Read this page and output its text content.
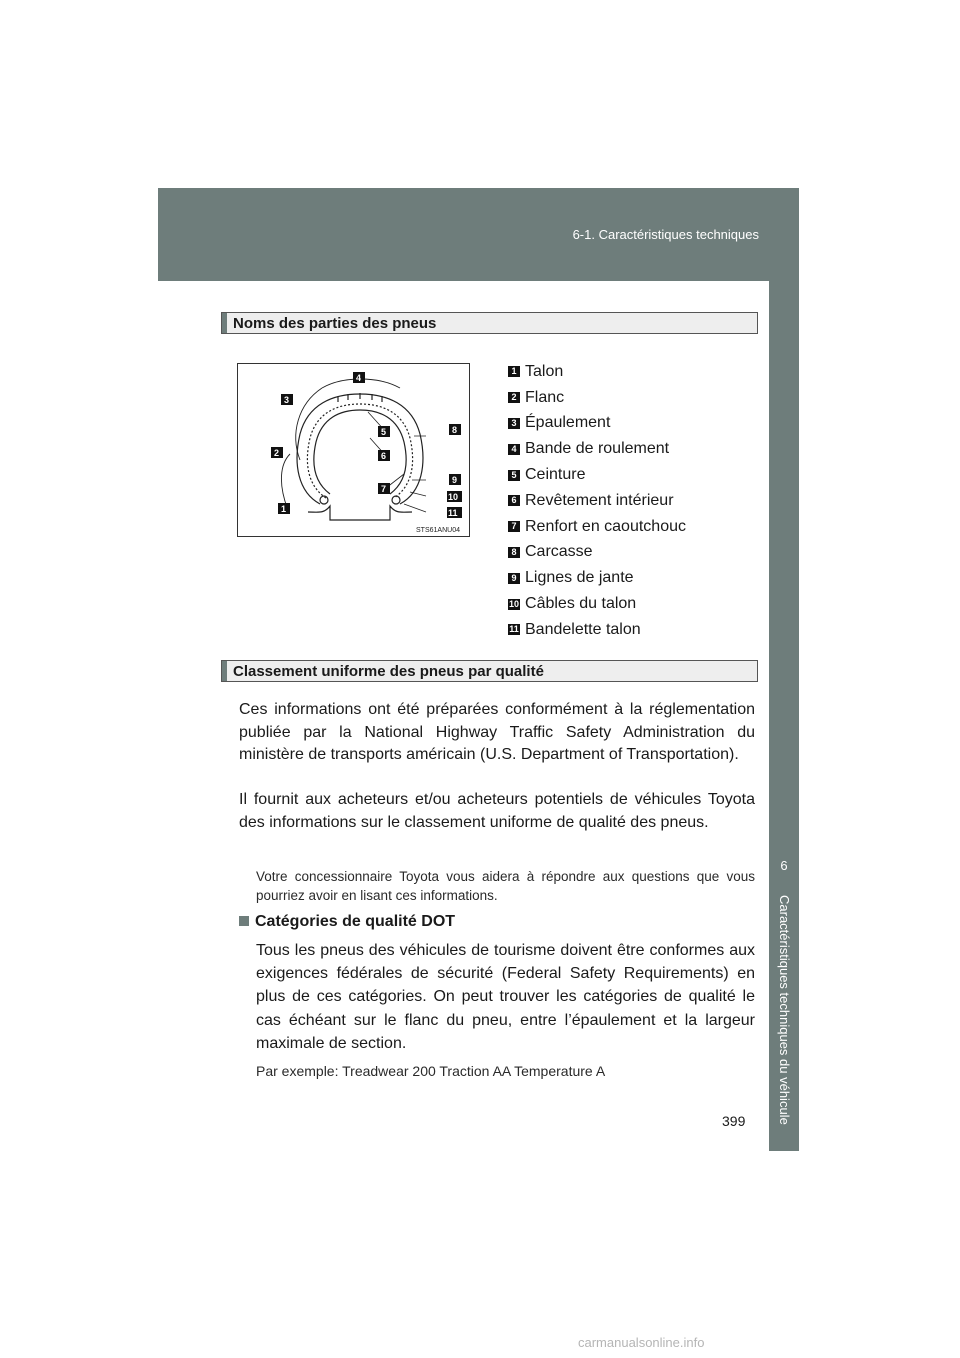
6-1. Caractéristiques techniques
6
Caractéristiques techniques du véhicule
Noms des parties des pneus
3
4
2
1
5
6
7
8
9
10
11
STS61ANU04
1 Talon
2 Flanc
3 Épaulement
4 Bande de roulement
5 Ceinture
6 Revêtement intérieur
7 Renfort en caoutchouc
8 Carcasse
9 Lignes de jante
10 Câbles du talon
11 Bandelette talon
Classement uniforme des pneus par qualité
Ces informations ont été préparées conformément à la réglementation publiée par la National Highway Traffic Safety Administration du ministère de transports américain (U.S. Department of Transportation).
Il fournit aux acheteurs et/ou acheteurs potentiels de véhicules Toyota des informations sur le classement uniforme de qualité des pneus.
Votre concessionnaire Toyota vous aidera à répondre aux questions que vous pourriez avoir en lisant ces informations.
Catégories de qualité DOT
Tous les pneus des véhicules de tourisme doivent être conformes aux exigences fédérales de sécurité (Federal Safety Requirements) en plus de ces catégories. On peut trouver les catégories de qualité le cas échéant sur le flanc du pneu, entre l’épaulement et la largeur maximale de section.
Par exemple: Treadwear 200 Traction AA Temperature A
399
carmanualsonline.info
